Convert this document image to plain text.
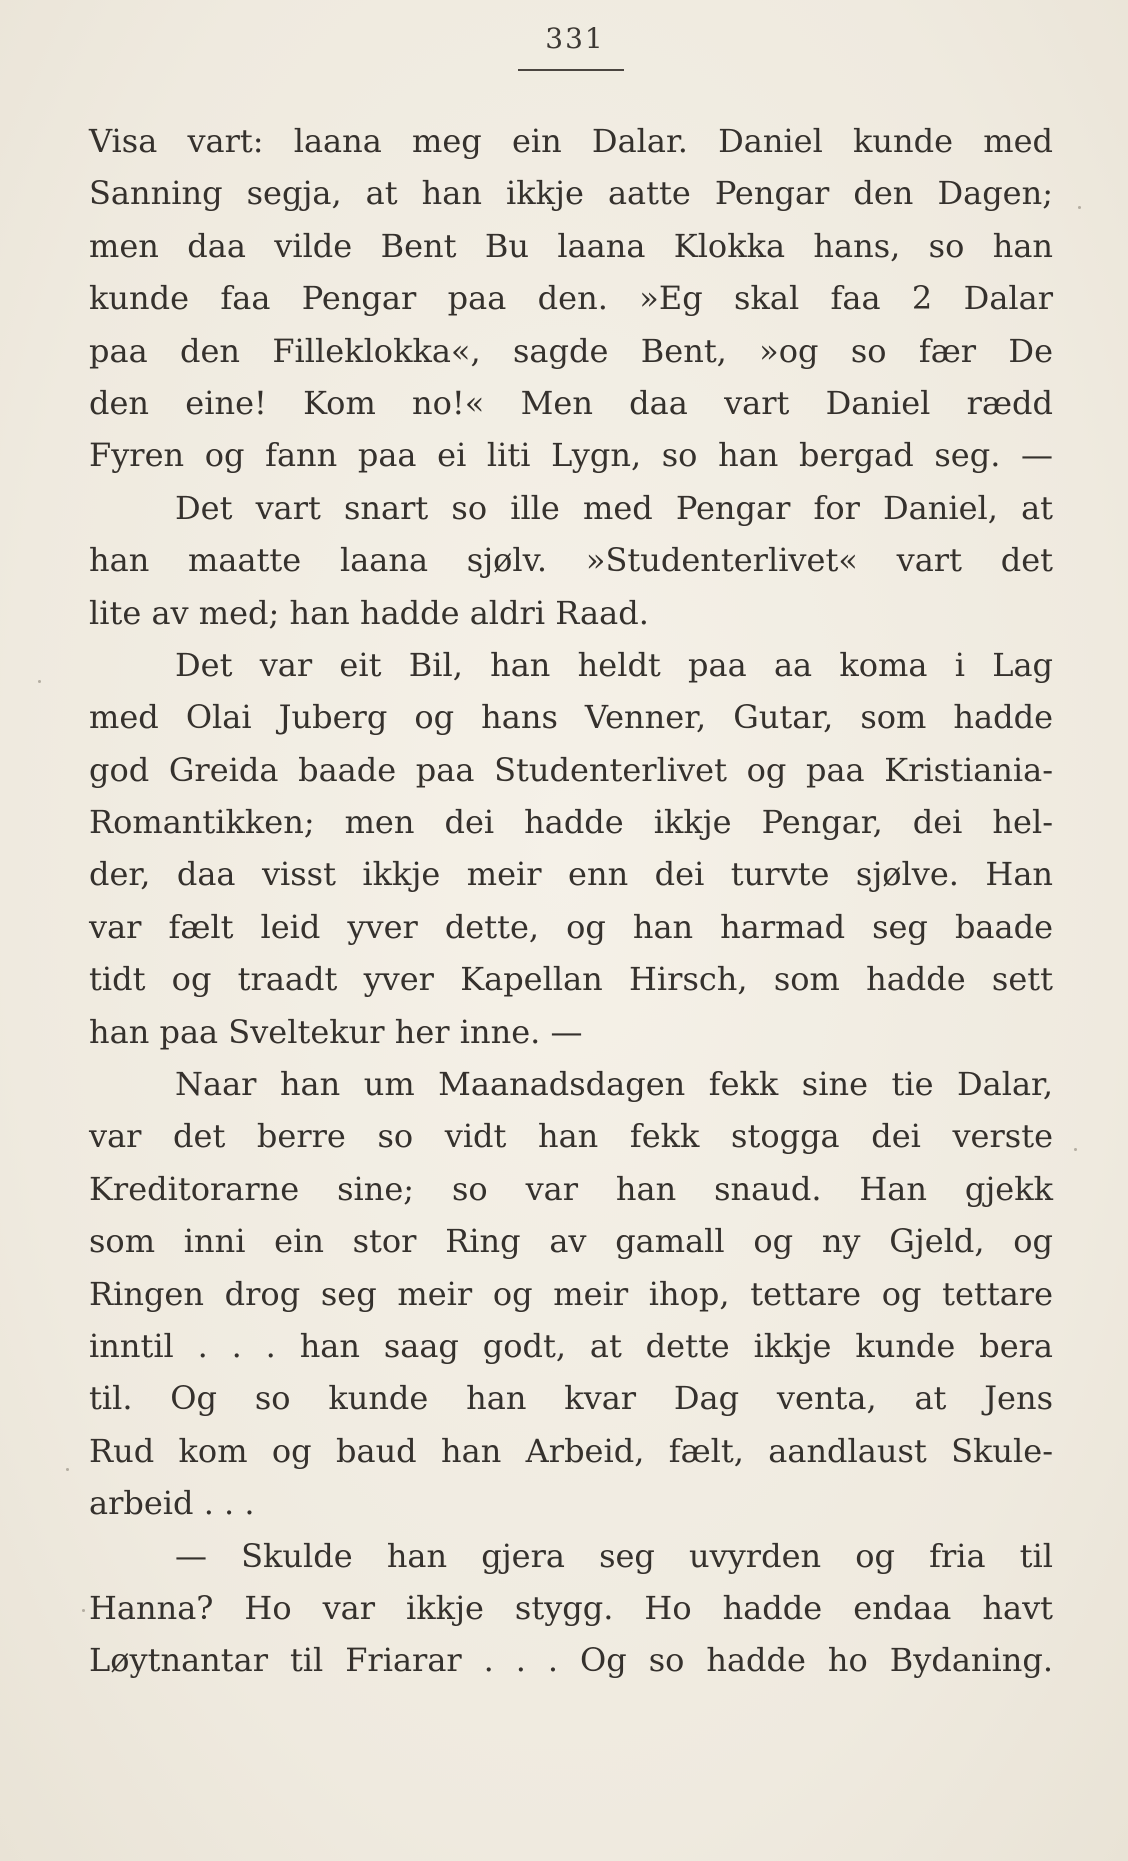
331
Visa vart: laana meg ein Dalar. Daniel kunde med
Sanning segja, at han ikkje aatte Pengar den Dagen;
men daa vilde Bent Bu laana Klokka hans, so han
kunde faa Pengar paa den. »Eg skal faa 2 Dalar
paa den Filleklokka«, sagde Bent, »og so fær De
den eine! Kom no!« Men daa vart Daniel rædd
Fyren og fann paa ei liti Lygn, so han bergad seg. —
Det vart snart so ille med Pengar for Daniel, at
han maatte laana sjølv. »Studenterlivet« vart det
lite av med; han hadde aldri Raad.
Det var eit Bil, han heldt paa aa koma i Lag
med Olai Juberg og hans Venner, Gutar, som hadde
god Greida baade paa Studenterlivet og paa Kristiania-
Romantikken; men dei hadde ikkje Pengar, dei hel-
der, daa visst ikkje meir enn dei turvte sjølve. Han
var fælt leid yver dette, og han harmad seg baade
tidt og traadt yver Kapellan Hirsch, som hadde sett
han paa Sveltekur her inne. —
Naar han um Maanadsdagen fekk sine tie Dalar,
var det berre so vidt han fekk stogga dei verste
Kreditorarne sine; so var han snaud. Han gjekk
som inni ein stor Ring av gamall og ny Gjeld, og
Ringen drog seg meir og meir ihop, tettare og tettare
inntil . . . han saag godt, at dette ikkje kunde bera
til. Og so kunde han kvar Dag venta, at Jens
Rud kom og baud han Arbeid, fælt, aandlaust Skule-
arbeid . . .
— Skulde han gjera seg uvyrden og fria til
Hanna? Ho var ikkje stygg. Ho hadde endaa havt
Løytnantar til Friarar . . . Og so hadde ho Bydaning.
